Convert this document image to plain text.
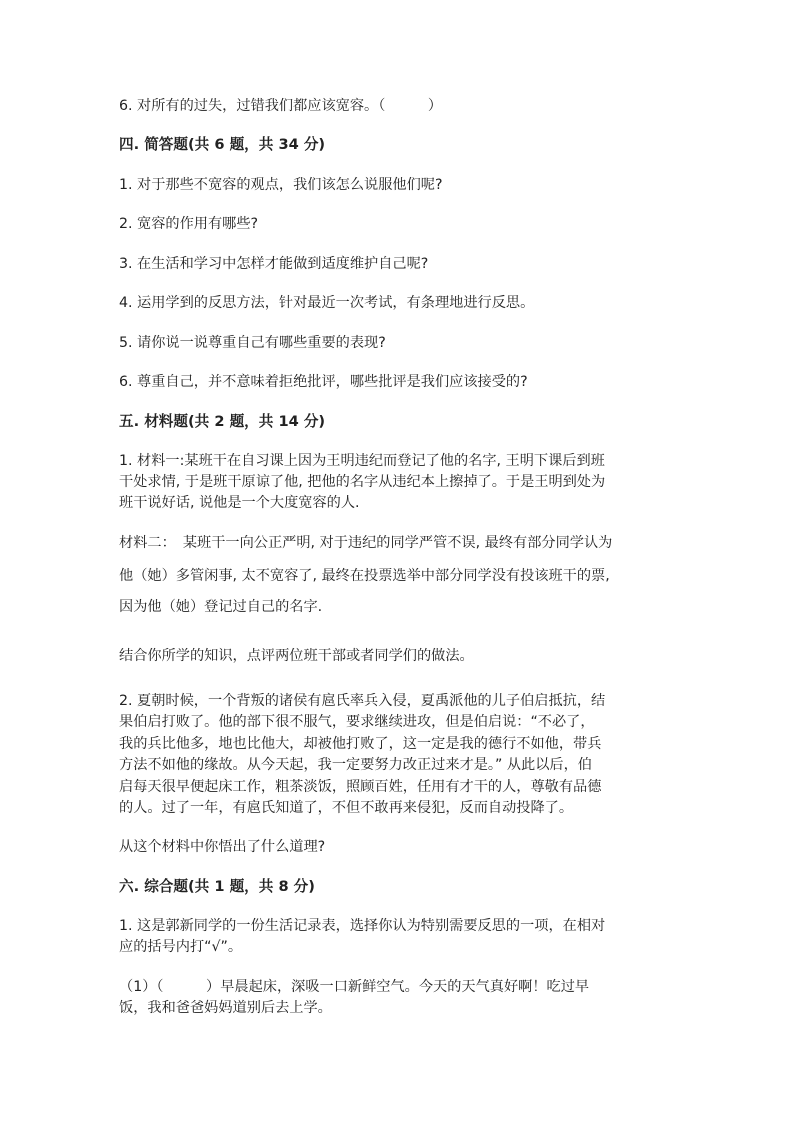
6. 对所有的过失，过错我们都应该宽容。（　　　）
四. 简答题(共 6 题，共 34 分)
1. 对于那些不宽容的观点，我们该怎么说服他们呢?
2. 宽容的作用有哪些?
3. 在生活和学习中怎样才能做到适度维护自己呢?
4. 运用学到的反思方法，针对最近一次考试，有条理地进行反思。
5. 请你说一说尊重自己有哪些重要的表现?
6. 尊重自己，并不意味着拒绝批评，哪些批评是我们应该接受的?
五. 材料题(共 2 题，共 14 分)
1. 材料一:某班干在自习课上因为王明违纪而登记了他的名字, 王明下课后到班
干处求情, 于是班干原谅了他, 把他的名字从违纪本上擦掉了。于是王明到处为
班干说好话, 说他是一个大度宽容的人.
材料二：　某班干一向公正严明, 对于违纪的同学严管不误, 最终有部分同学认为
他（她）多管闲事, 太不宽容了, 最终在投票选举中部分同学没有投该班干的票,
因为他（她）登记过自己的名字.
结合你所学的知识，点评两位班干部或者同学们的做法。
2. 夏朝时候，一个背叛的诸侯有扈氏率兵入侵，夏禹派他的儿子伯启抵抗，结
果伯启打败了。他的部下很不服气，要求继续进攻，但是伯启说：“不必了，
我的兵比他多，地也比他大，却被他打败了，这一定是我的德行不如他，带兵
方法不如他的缘故。从今天起，我一定要努力改正过来才是。” 从此以后，伯
启每天很早便起床工作，粗茶淡饭，照顾百姓，任用有才干的人，尊敬有品德
的人。过了一年，有扈氏知道了，不但不敢再来侵犯，反而自动投降了。
从这个材料中你悟出了什么道理?
六. 综合题(共 1 题，共 8 分)
1. 这是郭新同学的一份生活记录表，选择你认为特别需要反思的一项，在相对
应的括号内打“√”。
（1）（　　　）早晨起床，深吸一口新鲜空气。今天的天气真好啊！吃过早
饭，我和爸爸妈妈道别后去上学。
